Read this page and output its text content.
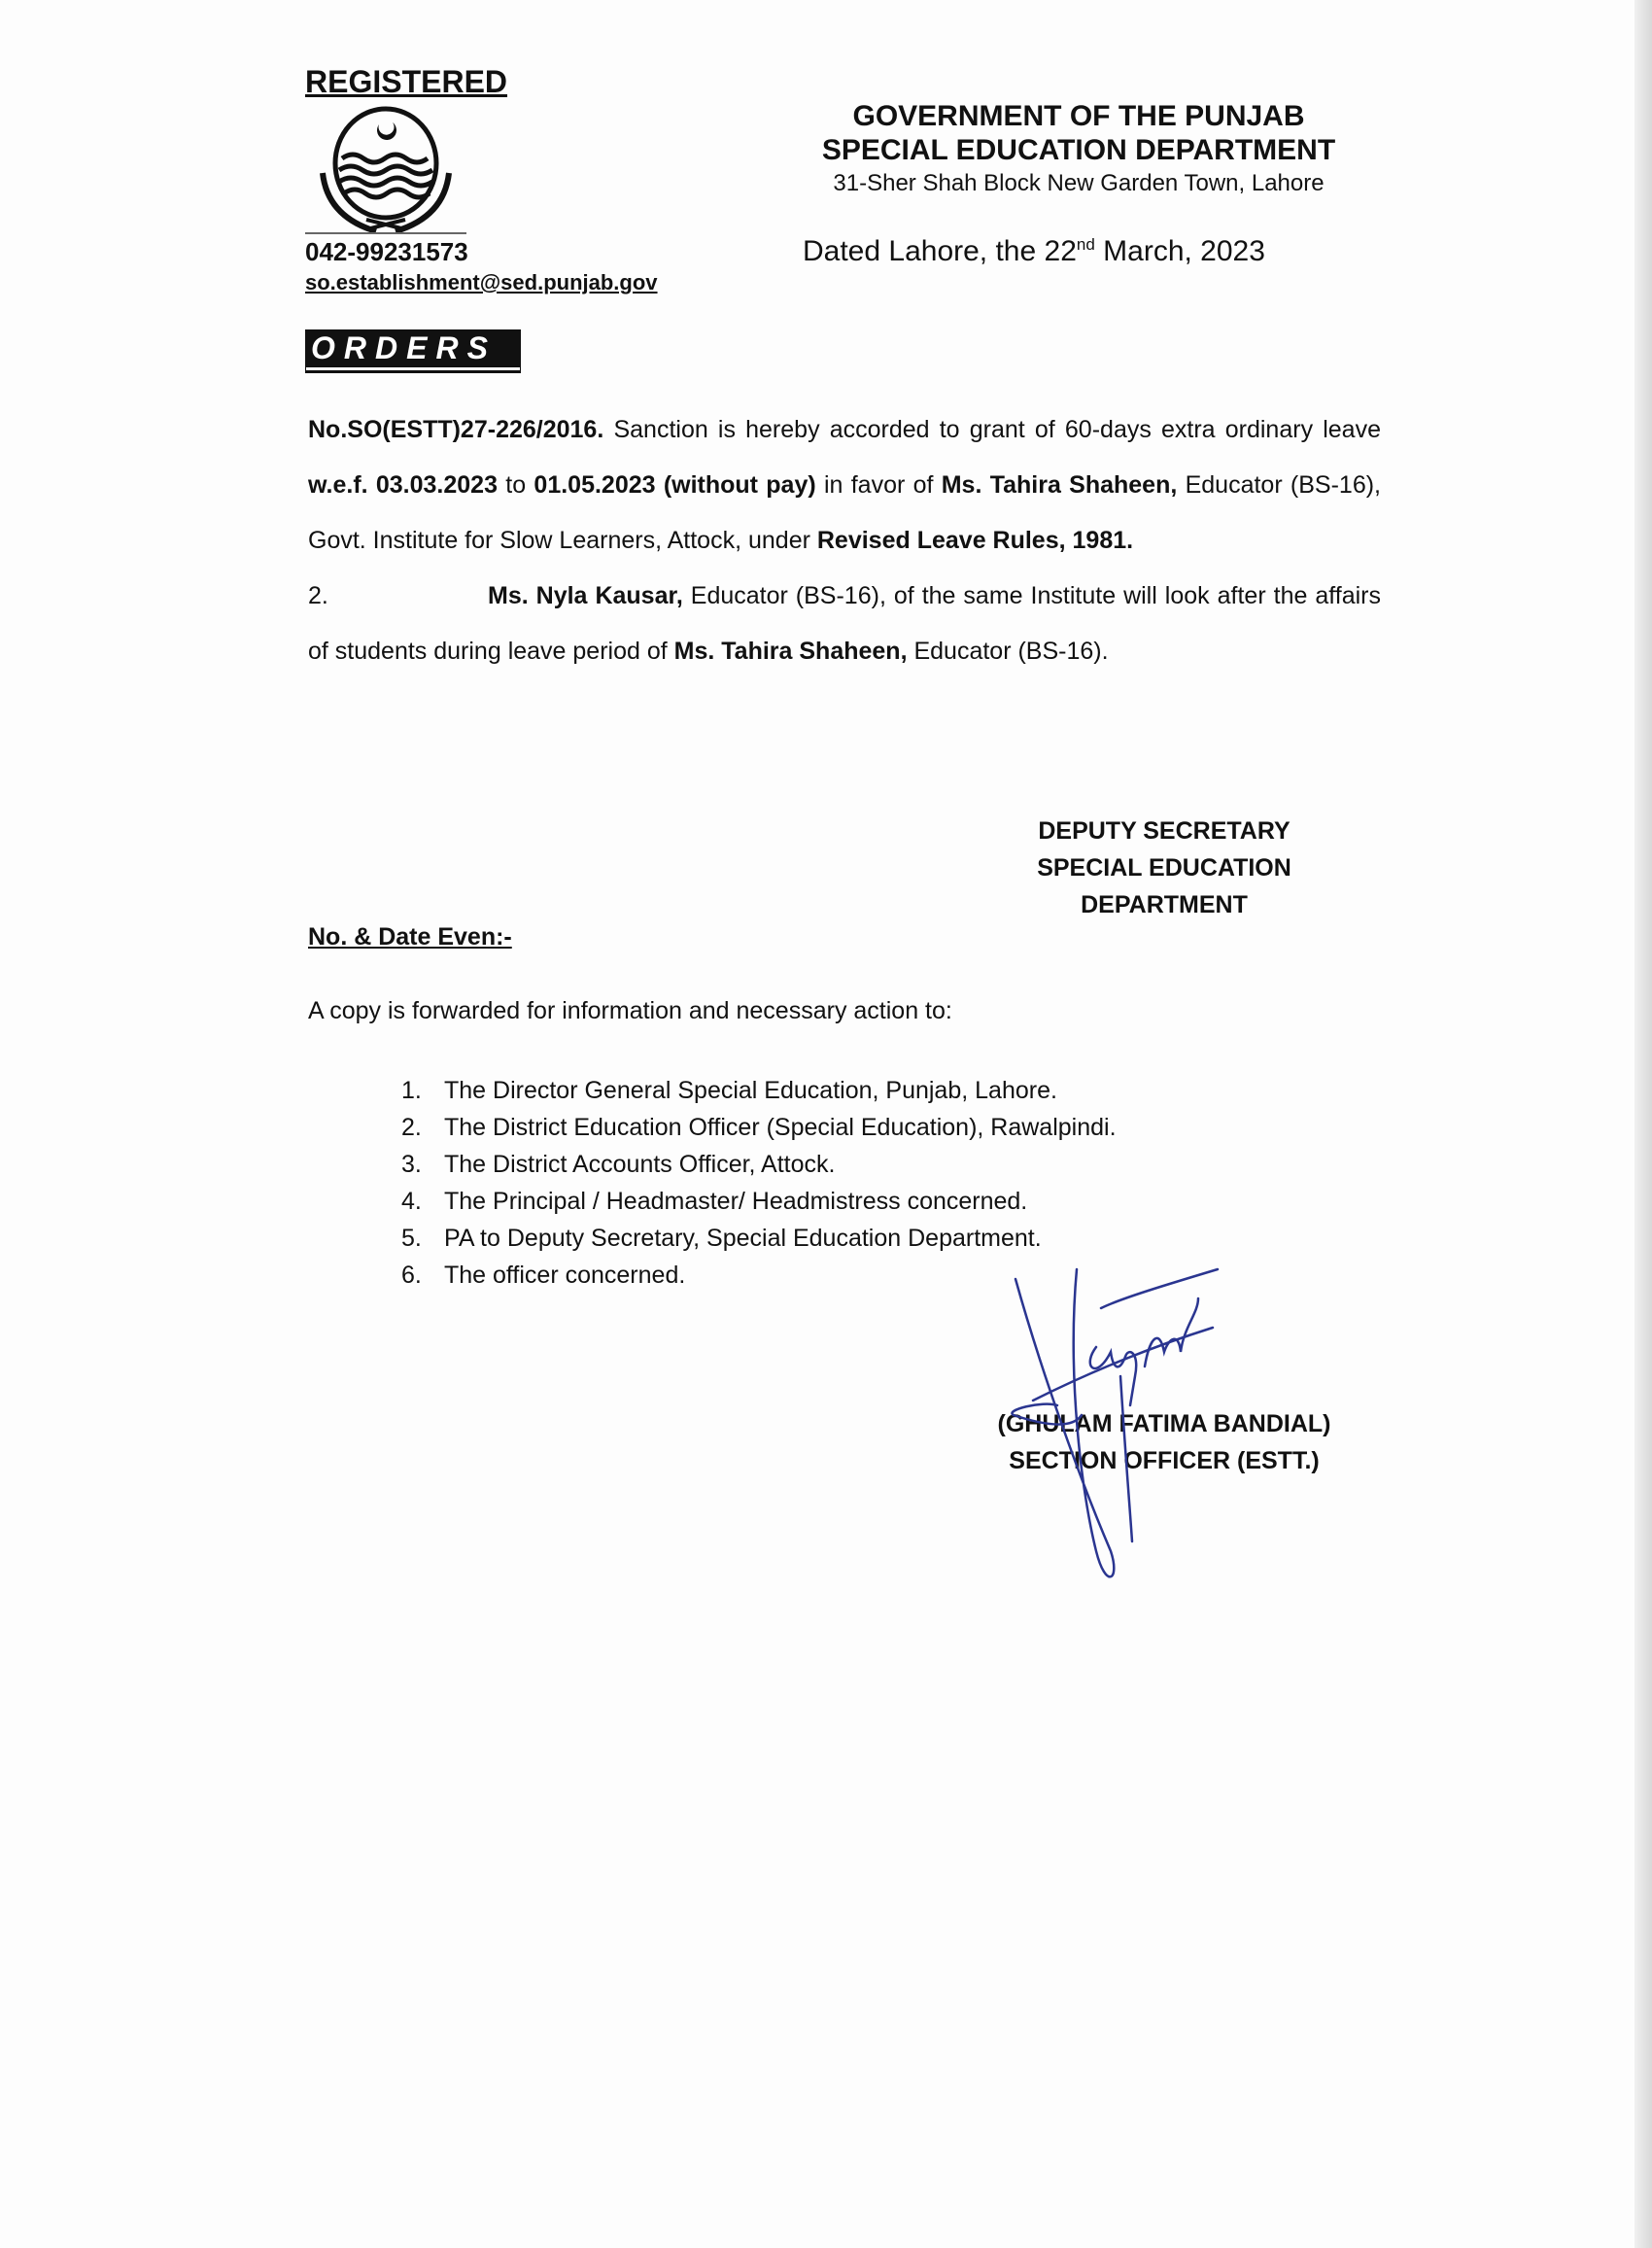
REGISTERED
042-99231573
so.establishment@sed.punjab.gov
GOVERNMENT OF THE PUNJAB
SPECIAL EDUCATION DEPARTMENT
31-Sher Shah Block New Garden Town, Lahore
Dated Lahore, the 22nd March, 2023
ORDERS

No.SO(ESTT)27-226/2016. Sanction is hereby accorded to grant of 60-days extra ordinary leave w.e.f. 03.03.2023 to 01.05.2023 (without pay) in favor of Ms. Tahira Shaheen, Educator (BS-16), Govt. Institute for Slow Learners, Attock, under Revised Leave Rules, 1981.

2.	Ms. Nyla Kausar, Educator (BS-16), of the same Institute will look after the affairs of students during leave period of Ms. Tahira Shaheen, Educator (BS-16).

DEPUTY SECRETARY
SPECIAL EDUCATION
DEPARTMENT
No. & Date Even:-
A copy is forwarded for information and necessary action to:
1. The Director General Special Education, Punjab, Lahore.
2. The District Education Officer (Special Education), Rawalpindi.
3. The District Accounts Officer, Attock.
4. The Principal / Headmaster/ Headmistress concerned.
5. PA to Deputy Secretary, Special Education Department.
6. The officer concerned.
(GHULAM FATIMA BANDIAL)
SECTION OFFICER (ESTT.)
